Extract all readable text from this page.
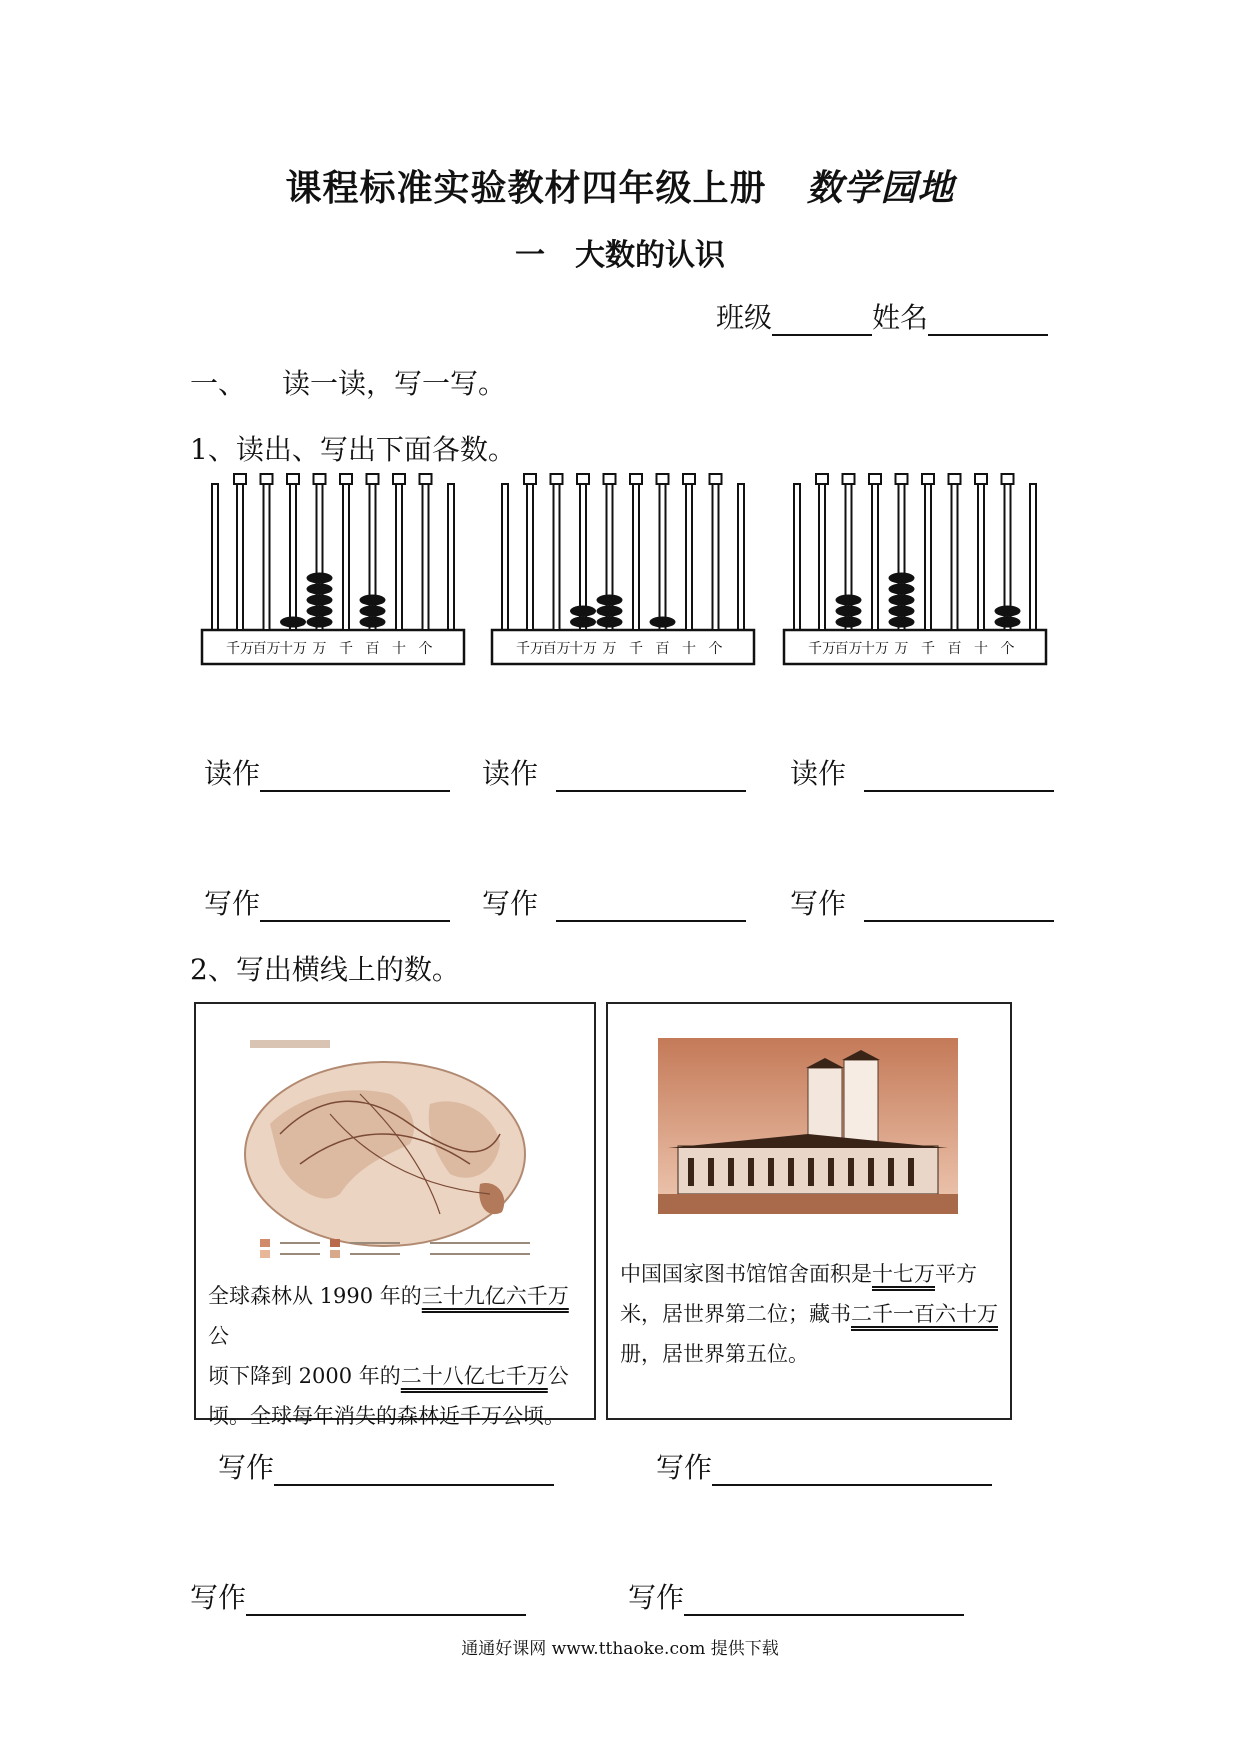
课程标准实验教材四年级上册 数学园地
一 大数的认识
班级	姓名
一、 读一读，写一写。
1、读出、写出下面各数。
千万
百万
十万 万 千 百 十 个	千万
百万
十万 万 千 百 十 个	千万
百万
十万 万 千 百 十 个
读作	读作	读作
写作	写作	写作
2、写出横线上的数。
全球森林从 1990 年的三十九亿六千万公
顷下降到 2000 年的二十八亿七千万公
顷。全球每年消失的森林近千万公顷。
中国国家图书馆馆舍面积是十七万平方
米，居世界第二位；藏书二千一百六十万
册，居世界第五位。
写作	写作
写作	写作
通通好课网 www.tthaoke.com 提供下载
